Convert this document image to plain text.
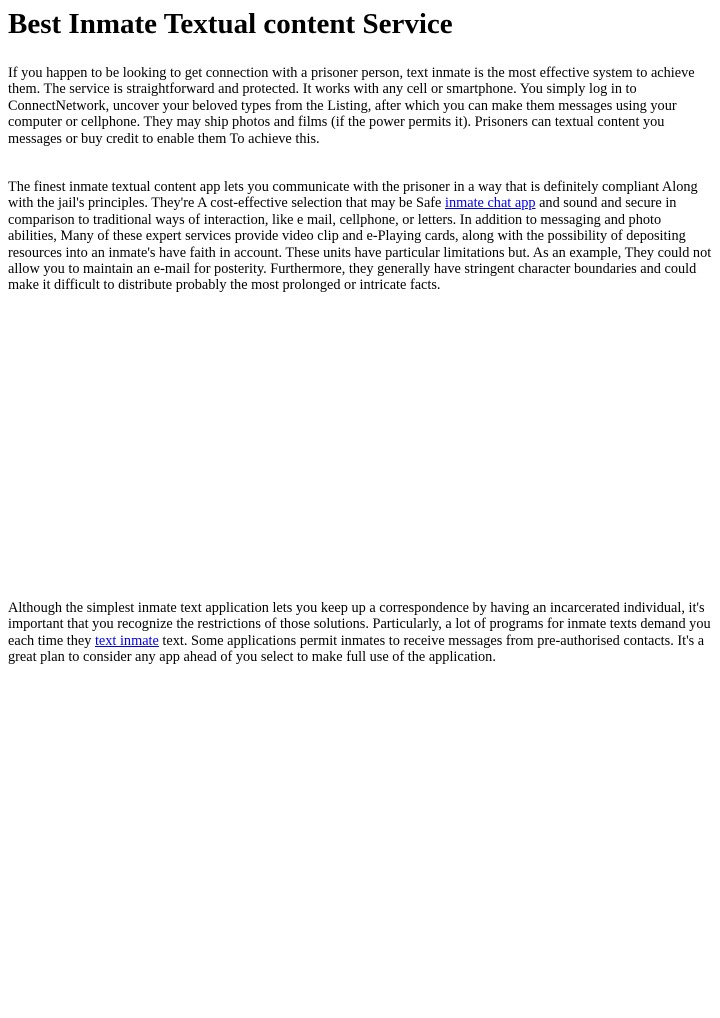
Best Inmate Textual content Service

If you happen to be looking to get connection with a prisoner person, text inmate is the most effective system to achieve them. The service is straightforward and protected. It works with any cell or smartphone. You simply log in to ConnectNetwork, uncover your beloved types from the Listing, after which you can make them messages using your computer or cellphone. They may ship photos and films (if the power permits it). Prisoners can textual content you messages or buy credit to enable them To achieve this.

The finest inmate textual content app lets you communicate with the prisoner in a way that is definitely compliant Along with the jail's principles. They're A cost-effective selection that may be Safe inmate chat app and sound and secure in comparison to traditional ways of interaction, like e mail, cellphone, or letters. In addition to messaging and photo abilities, Many of these expert services provide video clip and e-Playing cards, along with the possibility of depositing resources into an inmate's have faith in account. These units have particular limitations but. As an example, They could not allow you to maintain an e-mail for posterity. Furthermore, they generally have stringent character boundaries and could make it difficult to distribute probably the most prolonged or intricate facts.

Although the simplest inmate text application lets you keep up a correspondence by having an incarcerated individual, it's important that you recognize the restrictions of those solutions. Particularly, a lot of programs for inmate texts demand you each time they text inmate text. Some applications permit inmates to receive messages from pre-authorised contacts. It's a great plan to consider any app ahead of you select to make full use of the application.
